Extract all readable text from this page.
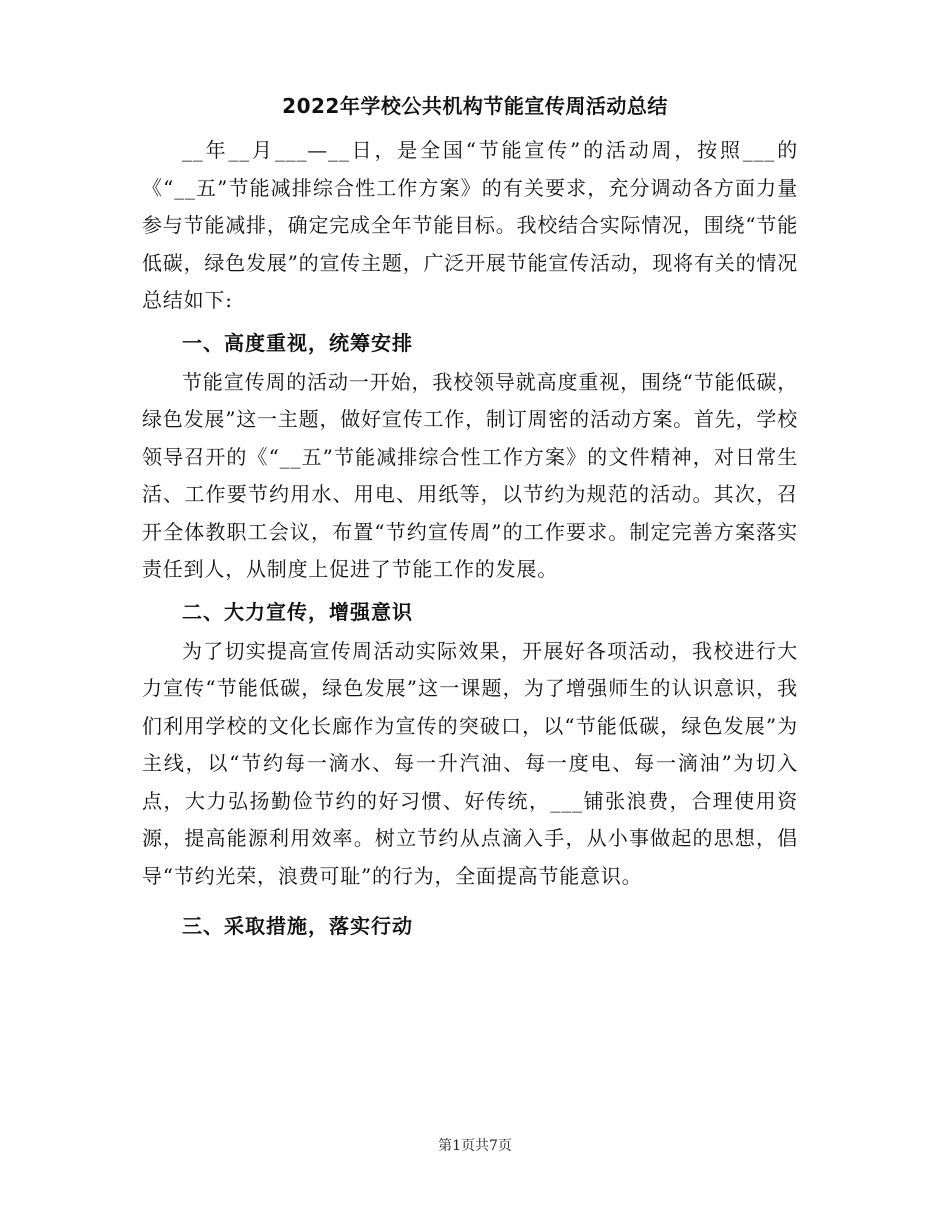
2022年学校公共机构节能宣传周活动总结

__年__月___—__日，是全国“节能宣传”的活动周，按照___的《“__五”节能减排综合性工作方案》的有关要求，充分调动各方面力量参与节能减排，确定完成全年节能目标。我校结合实际情况，围绕“节能低碳，绿色发展”的宣传主题，广泛开展节能宣传活动，现将有关的情况总结如下:

一、高度重视，统筹安排

节能宣传周的活动一开始，我校领导就高度重视，围绕“节能低碳，绿色发展”这一主题，做好宣传工作，制订周密的活动方案。首先，学校领导召开的《“__五”节能减排综合性工作方案》的文件精神，对日常生活、工作要节约用水、用电、用纸等，以节约为规范的活动。其次，召开全体教职工会议，布置“节约宣传周”的工作要求。制定完善方案落实责任到人，从制度上促进了节能工作的发展。

二、大力宣传，增强意识

为了切实提高宣传周活动实际效果，开展好各项活动，我校进行大力宣传“节能低碳，绿色发展”这一课题，为了增强师生的认识意识，我们利用学校的文化长廊作为宣传的突破口，以“节能低碳，绿色发展”为主线，以“节约每一滴水、每一升汽油、每一度电、每一滴油”为切入点，大力弘扬勤俭节约的好习惯、好传统，___铺张浪费，合理使用资源，提高能源利用效率。树立节约从点滴入手，从小事做起的思想，倡导“节约光荣，浪费可耻”的行为，全面提高节能意识。

三、采取措施，落实行动
第1页共7页
